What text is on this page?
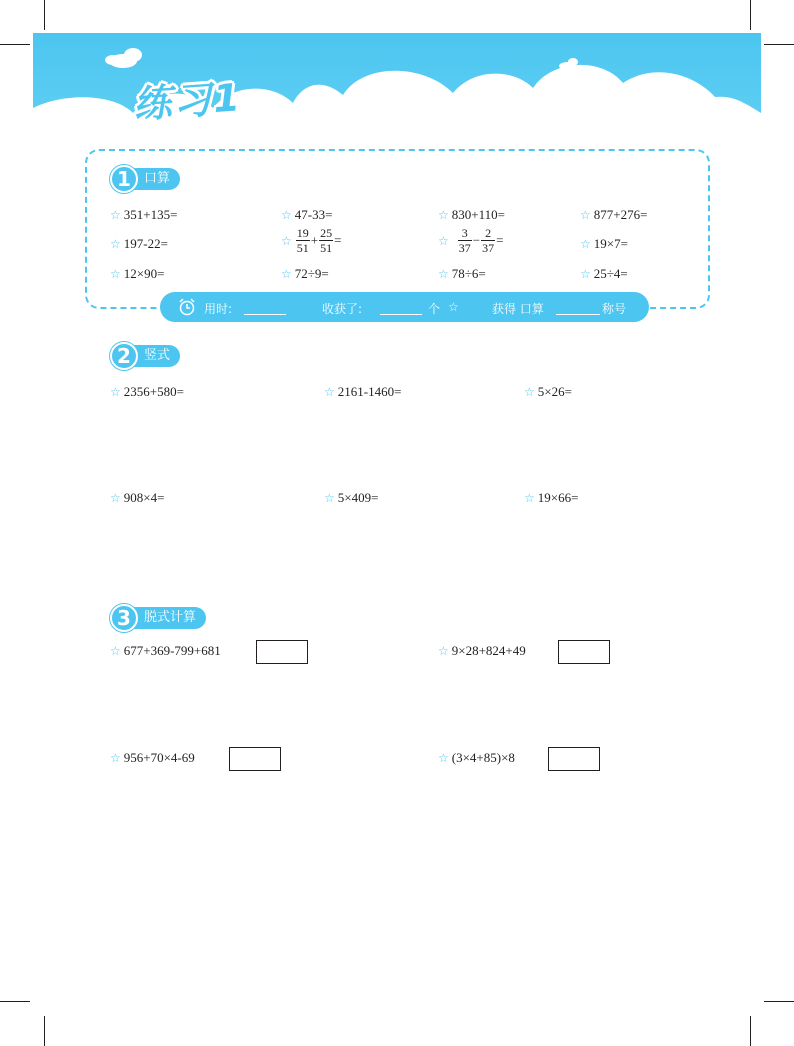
练习1
口算
1
☆ 351+135=	☆ 47-33=	☆ 830+110=	☆ 877+276=
☆ 197-22=	☆ $\frac{19}{51} + \frac{25}{51}$ =	☆ $\frac{3}{37} - \frac{2}{37}$ =	☆ 19×7=
☆ 12×90=	☆ 72÷9=	☆ 78÷6=	☆ 25÷4=
用时:	收获了:	个 ☆	获得 口算	称号
竖式
2
☆ 2356+580=	☆ 2161-1460=	☆ 5×26=
☆ 908×4=	☆ 5×409=	☆ 19×66=
脱式计算
3
☆ 677+369-799+681	☆ 9×28+824+49
☆ 956+70×4-69	☆ (3×4+85)×8
